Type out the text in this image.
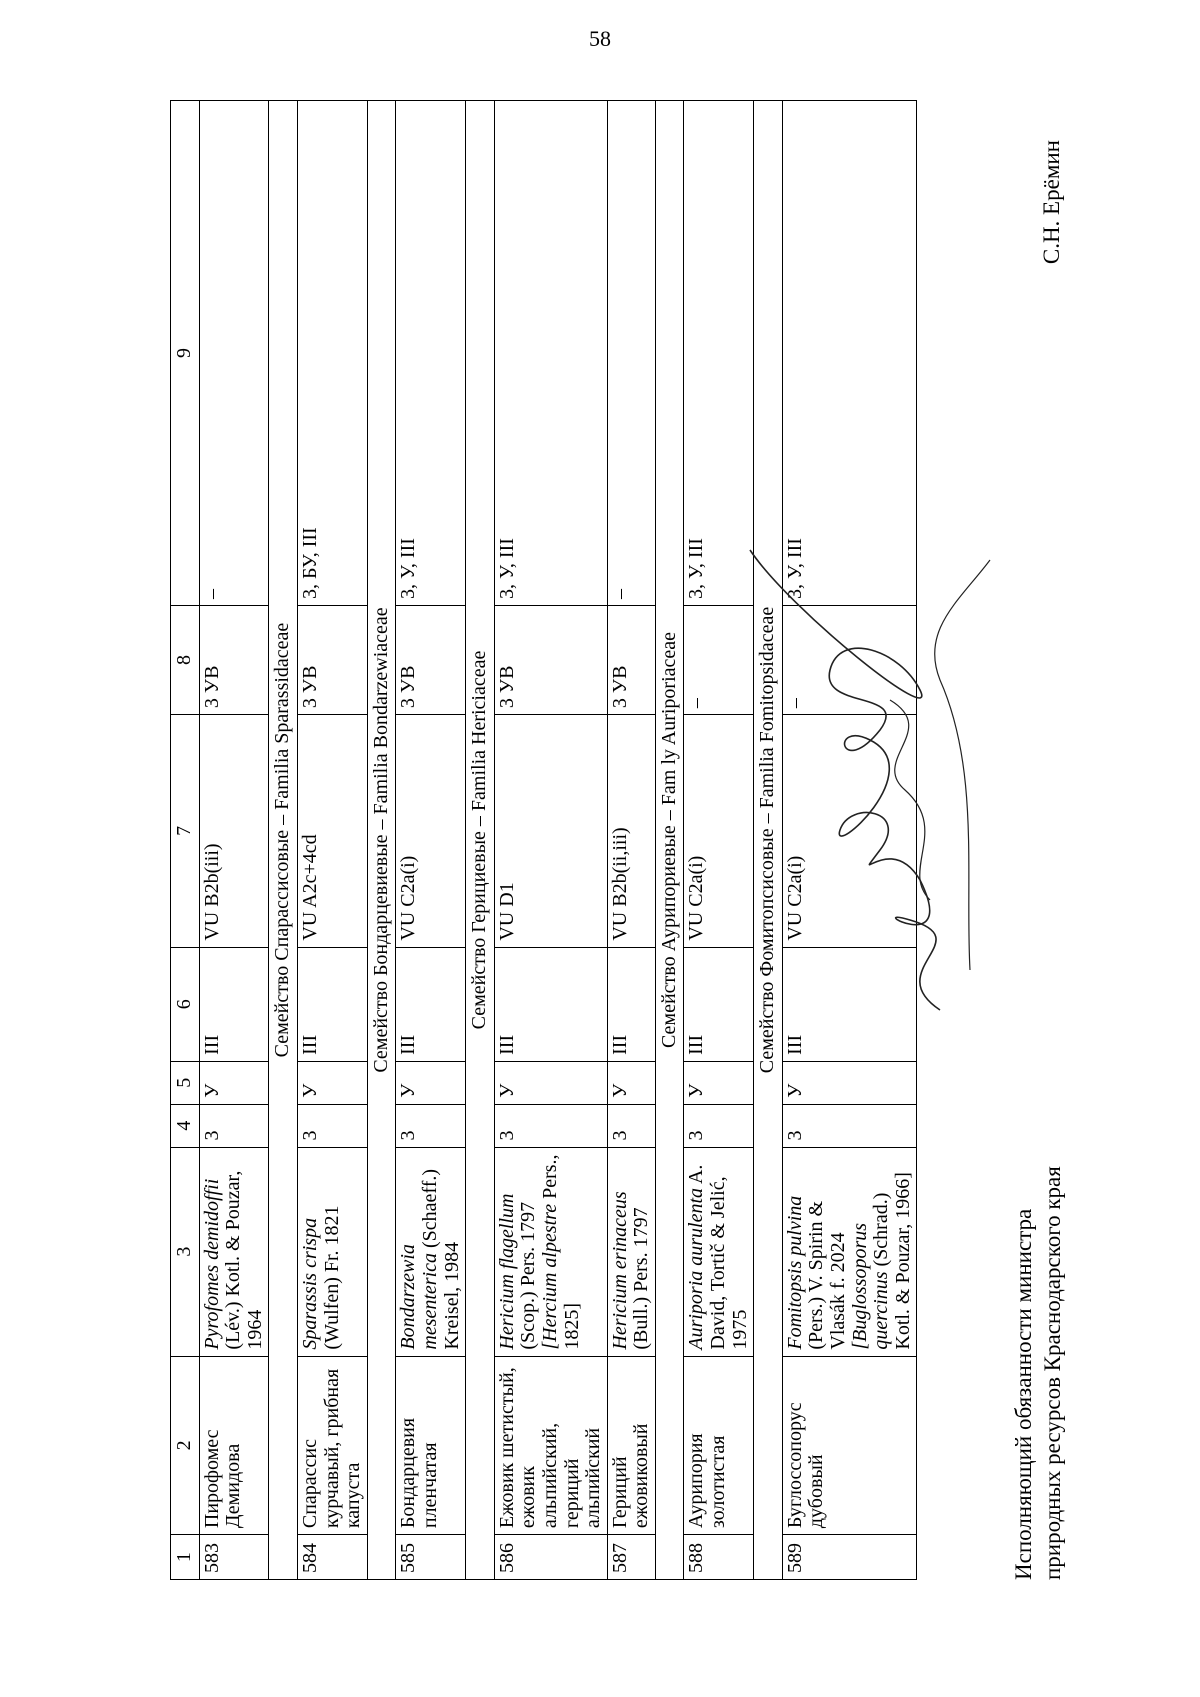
58
1	2	3	4	5	6	7	8	9
583	Пирофомес Демидова	Pyrofomes demidoffii (Lév.) Kotl. & Pouzar, 1964	3	У	III	VU B2b(iii)	3 УВ	–
Семейство Спарассисовые – Familia Sparassidaceae								
584	Спарассис курчавый, грибная капуста	Sparassis crispa (Wulfen) Fr. 1821	3	У	III	VU A2c+4cd	3 УВ	3, БУ, III
Семейство Бондарцевиевые – Familia Bondarzewiaceae								
585	Бондарцевия пленчатая	Bondarzewia mesenterica (Schaeff.) Kreisel, 1984	3	У	III	VU C2a(i)	3 УВ	3, У, III
Семейство Герициевые – Familia Hericiaceae								
586	Ежовик шетистый, ежовик альпийский, гериций альпийский	Hericium flagellum (Scop.) Pers. 1797 [Hercium alpestre Pers., 1825]	3	У	III	VU D1	3 УВ	3, У, III
587	Гериций ежовиковый	Hericium erinaceus (Bull.) Pers. 1797	3	У	III	VU B2b(ii,iii)	3 УВ	–
Семейство Аурипориевые – Fam ly Auriporiaceae								
588	Аурипория золотистая	Auriporia aurulenta A. David, Tortič & Jelić, 1975	3	У	III	VU C2a(i)	–	3, У, III
Семейство Фомитопсисовые – Familia Fomitopsidaceae								
589	Буглоссопорус дубовый	Fomitopsis pulvina (Pers.) V. Spirin & Vlasák f. 2024 [Buglossoporus quercinus (Schrad.) Kotl. & Pouzar, 1966]	3	У	III	VU C2a(i)	–	3, У, III
Исполняющий обязанности министра природных ресурсов Краснодарского края
С.Н. Ерёмин
